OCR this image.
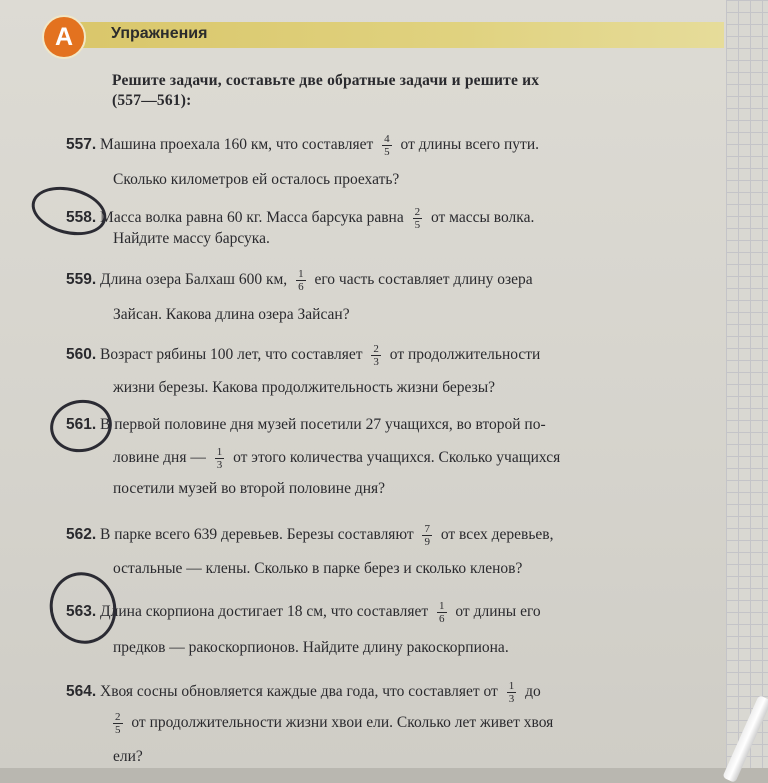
A	Упражнения
Решите задачи, составьте две обратные задачи и решите их
(557—561):
557. Машина проехала 160 км, что составляет $\frac{4}{5}$ от длины всего пути.
Сколько километров ей осталось проехать?
558. Масса волка равна 60 кг. Масса барсука равна $\frac{2}{5}$ от массы волка.
Найдите массу барсука.
559. Длина озера Балхаш 600 км, $\frac{1}{6}$ его часть составляет длину озера
Зайсан. Какова длина озера Зайсан?
560. Возраст рябины 100 лет, что составляет $\frac{2}{3}$ от продолжительности
жизни березы. Какова продолжительность жизни березы?
561. В первой половине дня музей посетили 27 учащихся, во второй по-
ловине дня — $\frac{1}{3}$ от этого количества учащихся. Сколько учащихся
посетили музей во второй половине дня?
562. В парке всего 639 деревьев. Березы составляют $\frac{7}{9}$ от всех деревьев,
остальные — клены. Сколько в парке берез и сколько кленов?
563. Длина скорпиона достигает 18 см, что составляет $\frac{1}{6}$ от длины его
предков — ракоскорпионов. Найдите длину ракоскорпиона.
564. Хвоя сосны обновляется каждые два года, что составляет от $\frac{1}{3}$ до
$\frac{2}{5}$ от продолжительности жизни хвои ели. Сколько лет живет хвоя
ели?
